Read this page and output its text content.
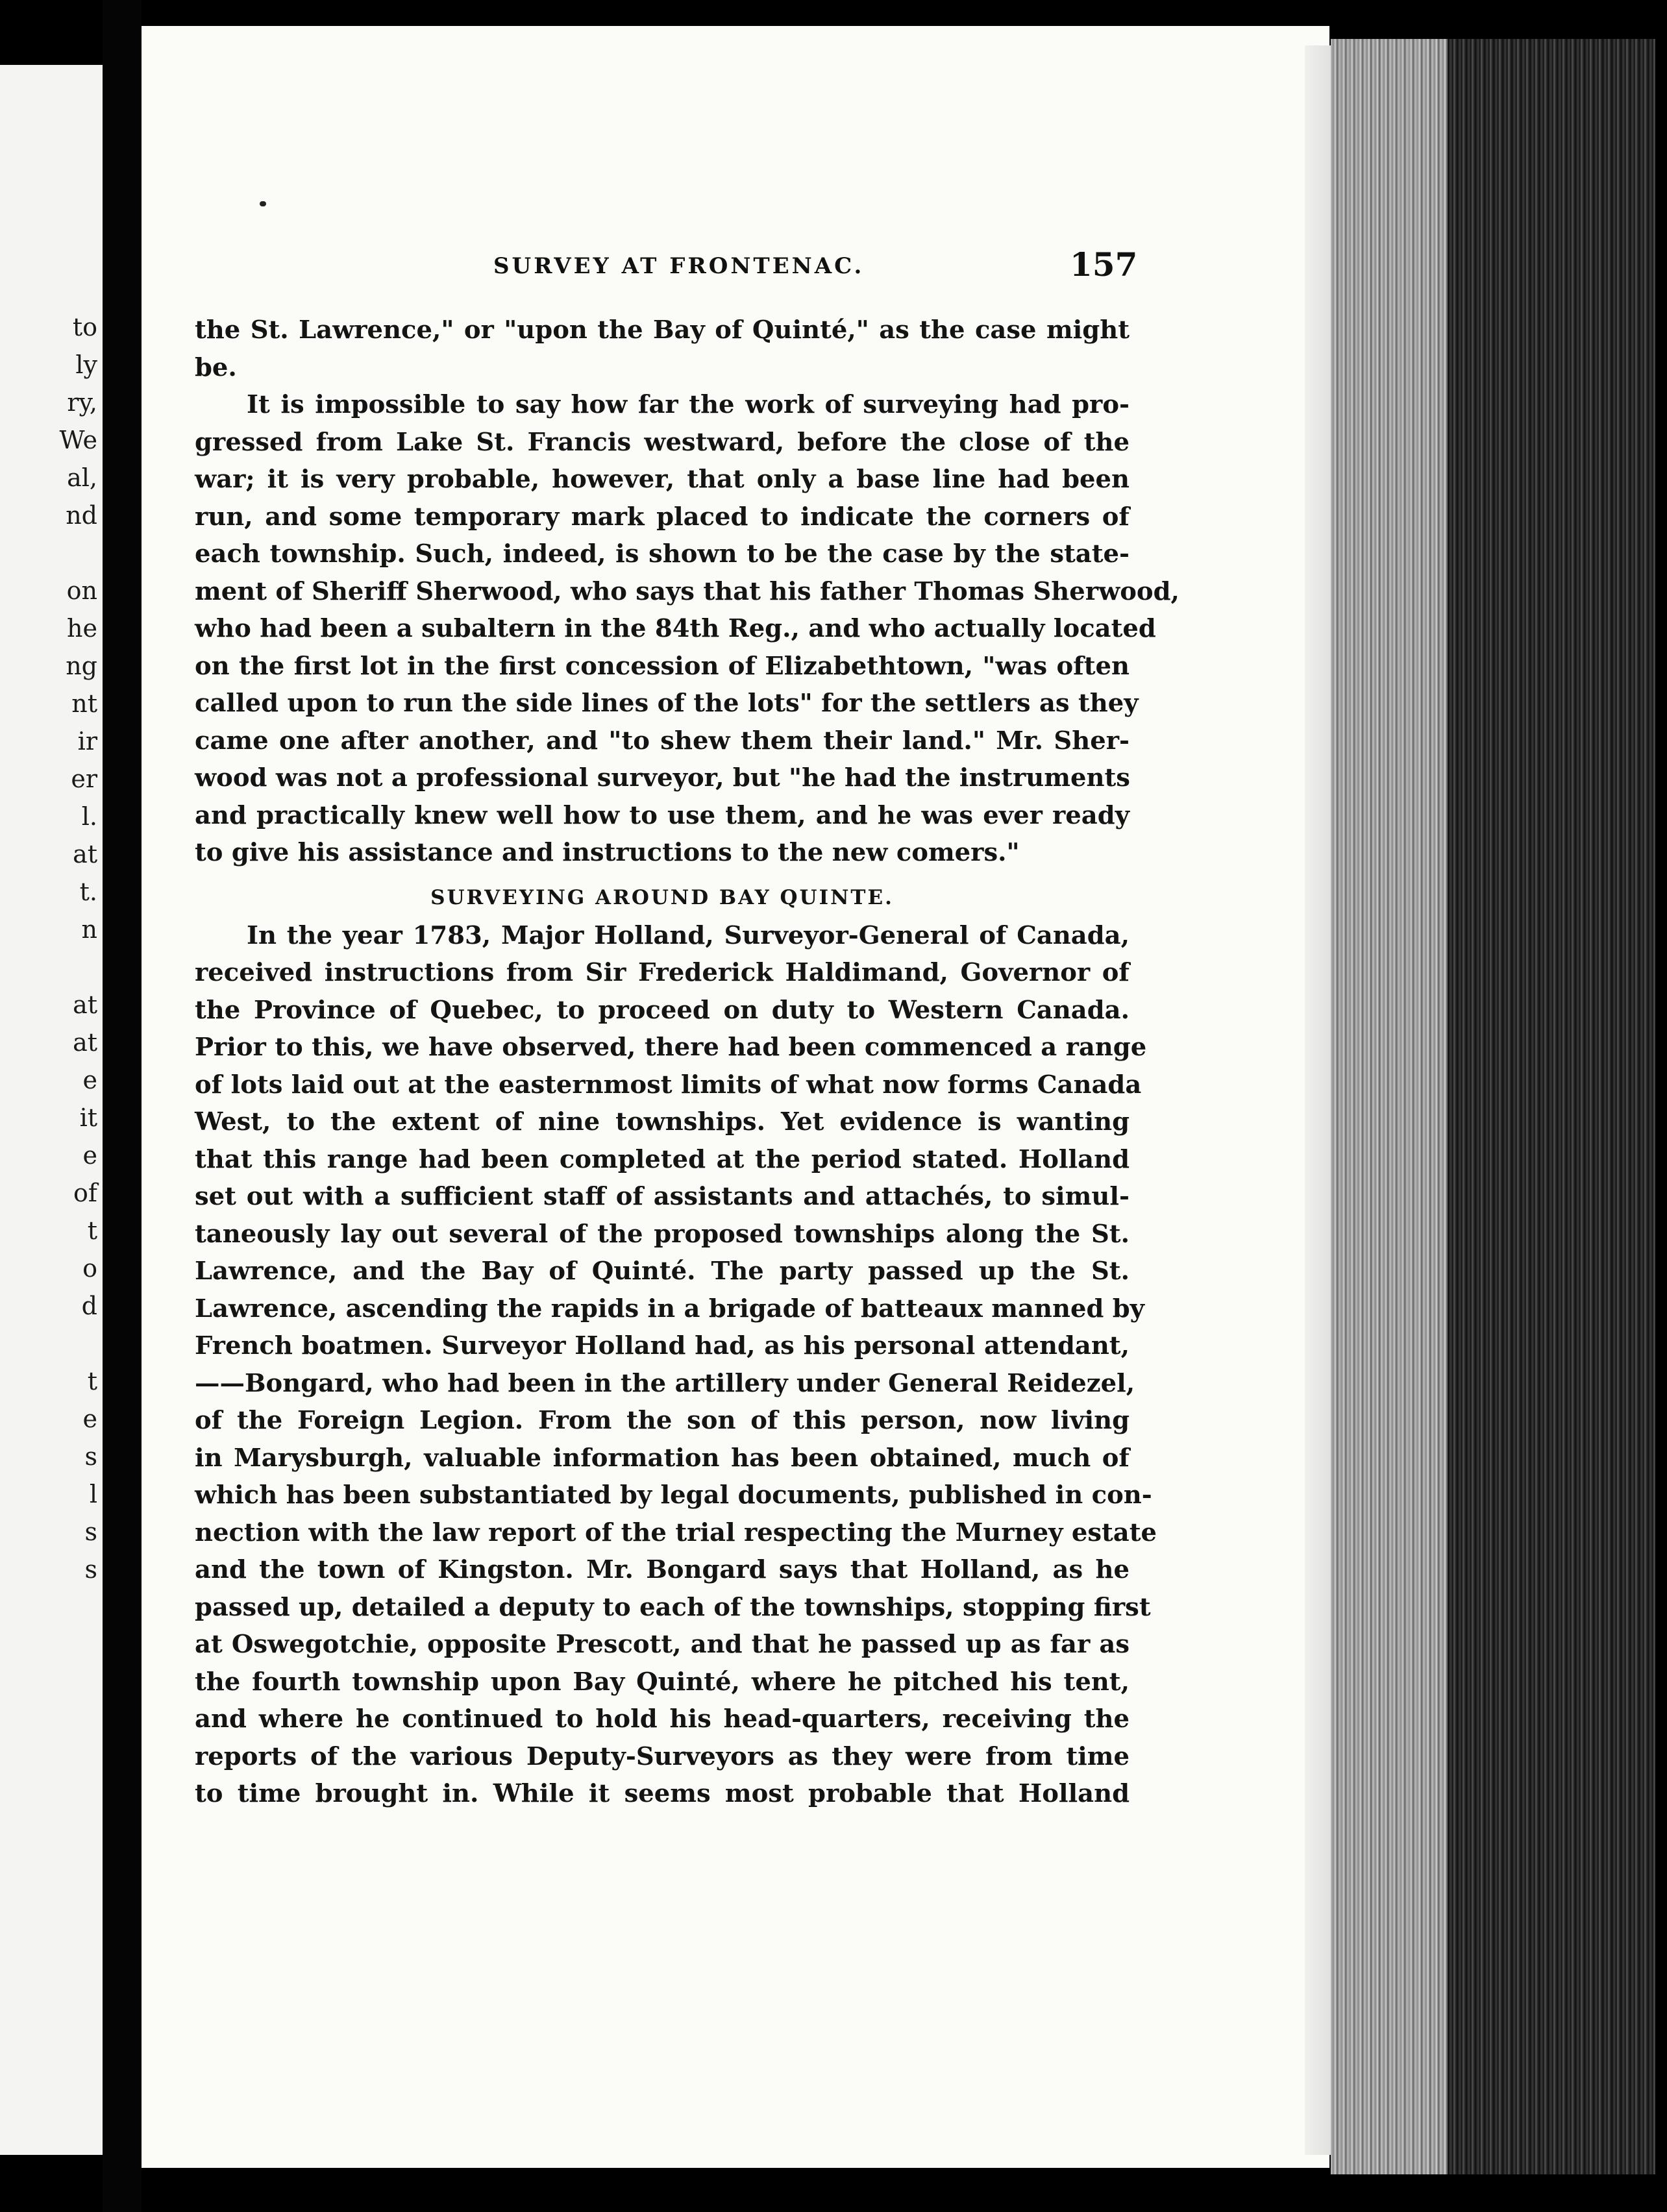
to
ly
ry,
We
al,
nd
on
he
ng
nt
ir
er
l.
at
t.
n
at
at
e
it
e
of
t
o
d
t
e
s
l
s
s
SURVEY AT FRONTENAC.	157
the St. Lawrence," or "upon the Bay of Quinté," as the case might
be.
It is impossible to say how far the work of surveying had pro-
gressed from Lake St. Francis westward, before the close of the
war; it is very probable, however, that only a base line had been
run, and some temporary mark placed to indicate the corners of
each township. Such, indeed, is shown to be the case by the state-
ment of Sheriff Sherwood, who says that his father Thomas Sherwood,
who had been a subaltern in the 84th Reg., and who actually located
on the first lot in the first concession of Elizabethtown, "was often
called upon to run the side lines of the lots" for the settlers as they
came one after another, and "to shew them their land." Mr. Sher-
wood was not a professional surveyor, but "he had the instruments
and practically knew well how to use them, and he was ever ready
to give his assistance and instructions to the new comers."
SURVEYING AROUND BAY QUINTE.
In the year 1783, Major Holland, Surveyor-General of Canada,
received instructions from Sir Frederick Haldimand, Governor of
the Province of Quebec, to proceed on duty to Western Canada.
Prior to this, we have observed, there had been commenced a range
of lots laid out at the easternmost limits of what now forms Canada
West, to the extent of nine townships. Yet evidence is wanting
that this range had been completed at the period stated. Holland
set out with a sufficient staff of assistants and attachés, to simul-
taneously lay out several of the proposed townships along the St.
Lawrence, and the Bay of Quinté. The party passed up the St.
Lawrence, ascending the rapids in a brigade of batteaux manned by
French boatmen. Surveyor Holland had, as his personal attendant,
——Bongard, who had been in the artillery under General Reidezel,
of the Foreign Legion. From the son of this person, now living
in Marysburgh, valuable information has been obtained, much of
which has been substantiated by legal documents, published in con-
nection with the law report of the trial respecting the Murney estate
and the town of Kingston. Mr. Bongard says that Holland, as he
passed up, detailed a deputy to each of the townships, stopping first
at Oswegotchie, opposite Prescott, and that he passed up as far as
the fourth township upon Bay Quinté, where he pitched his tent,
and where he continued to hold his head-quarters, receiving the
reports of the various Deputy-Surveyors as they were from time
to time brought in. While it seems most probable that Holland
